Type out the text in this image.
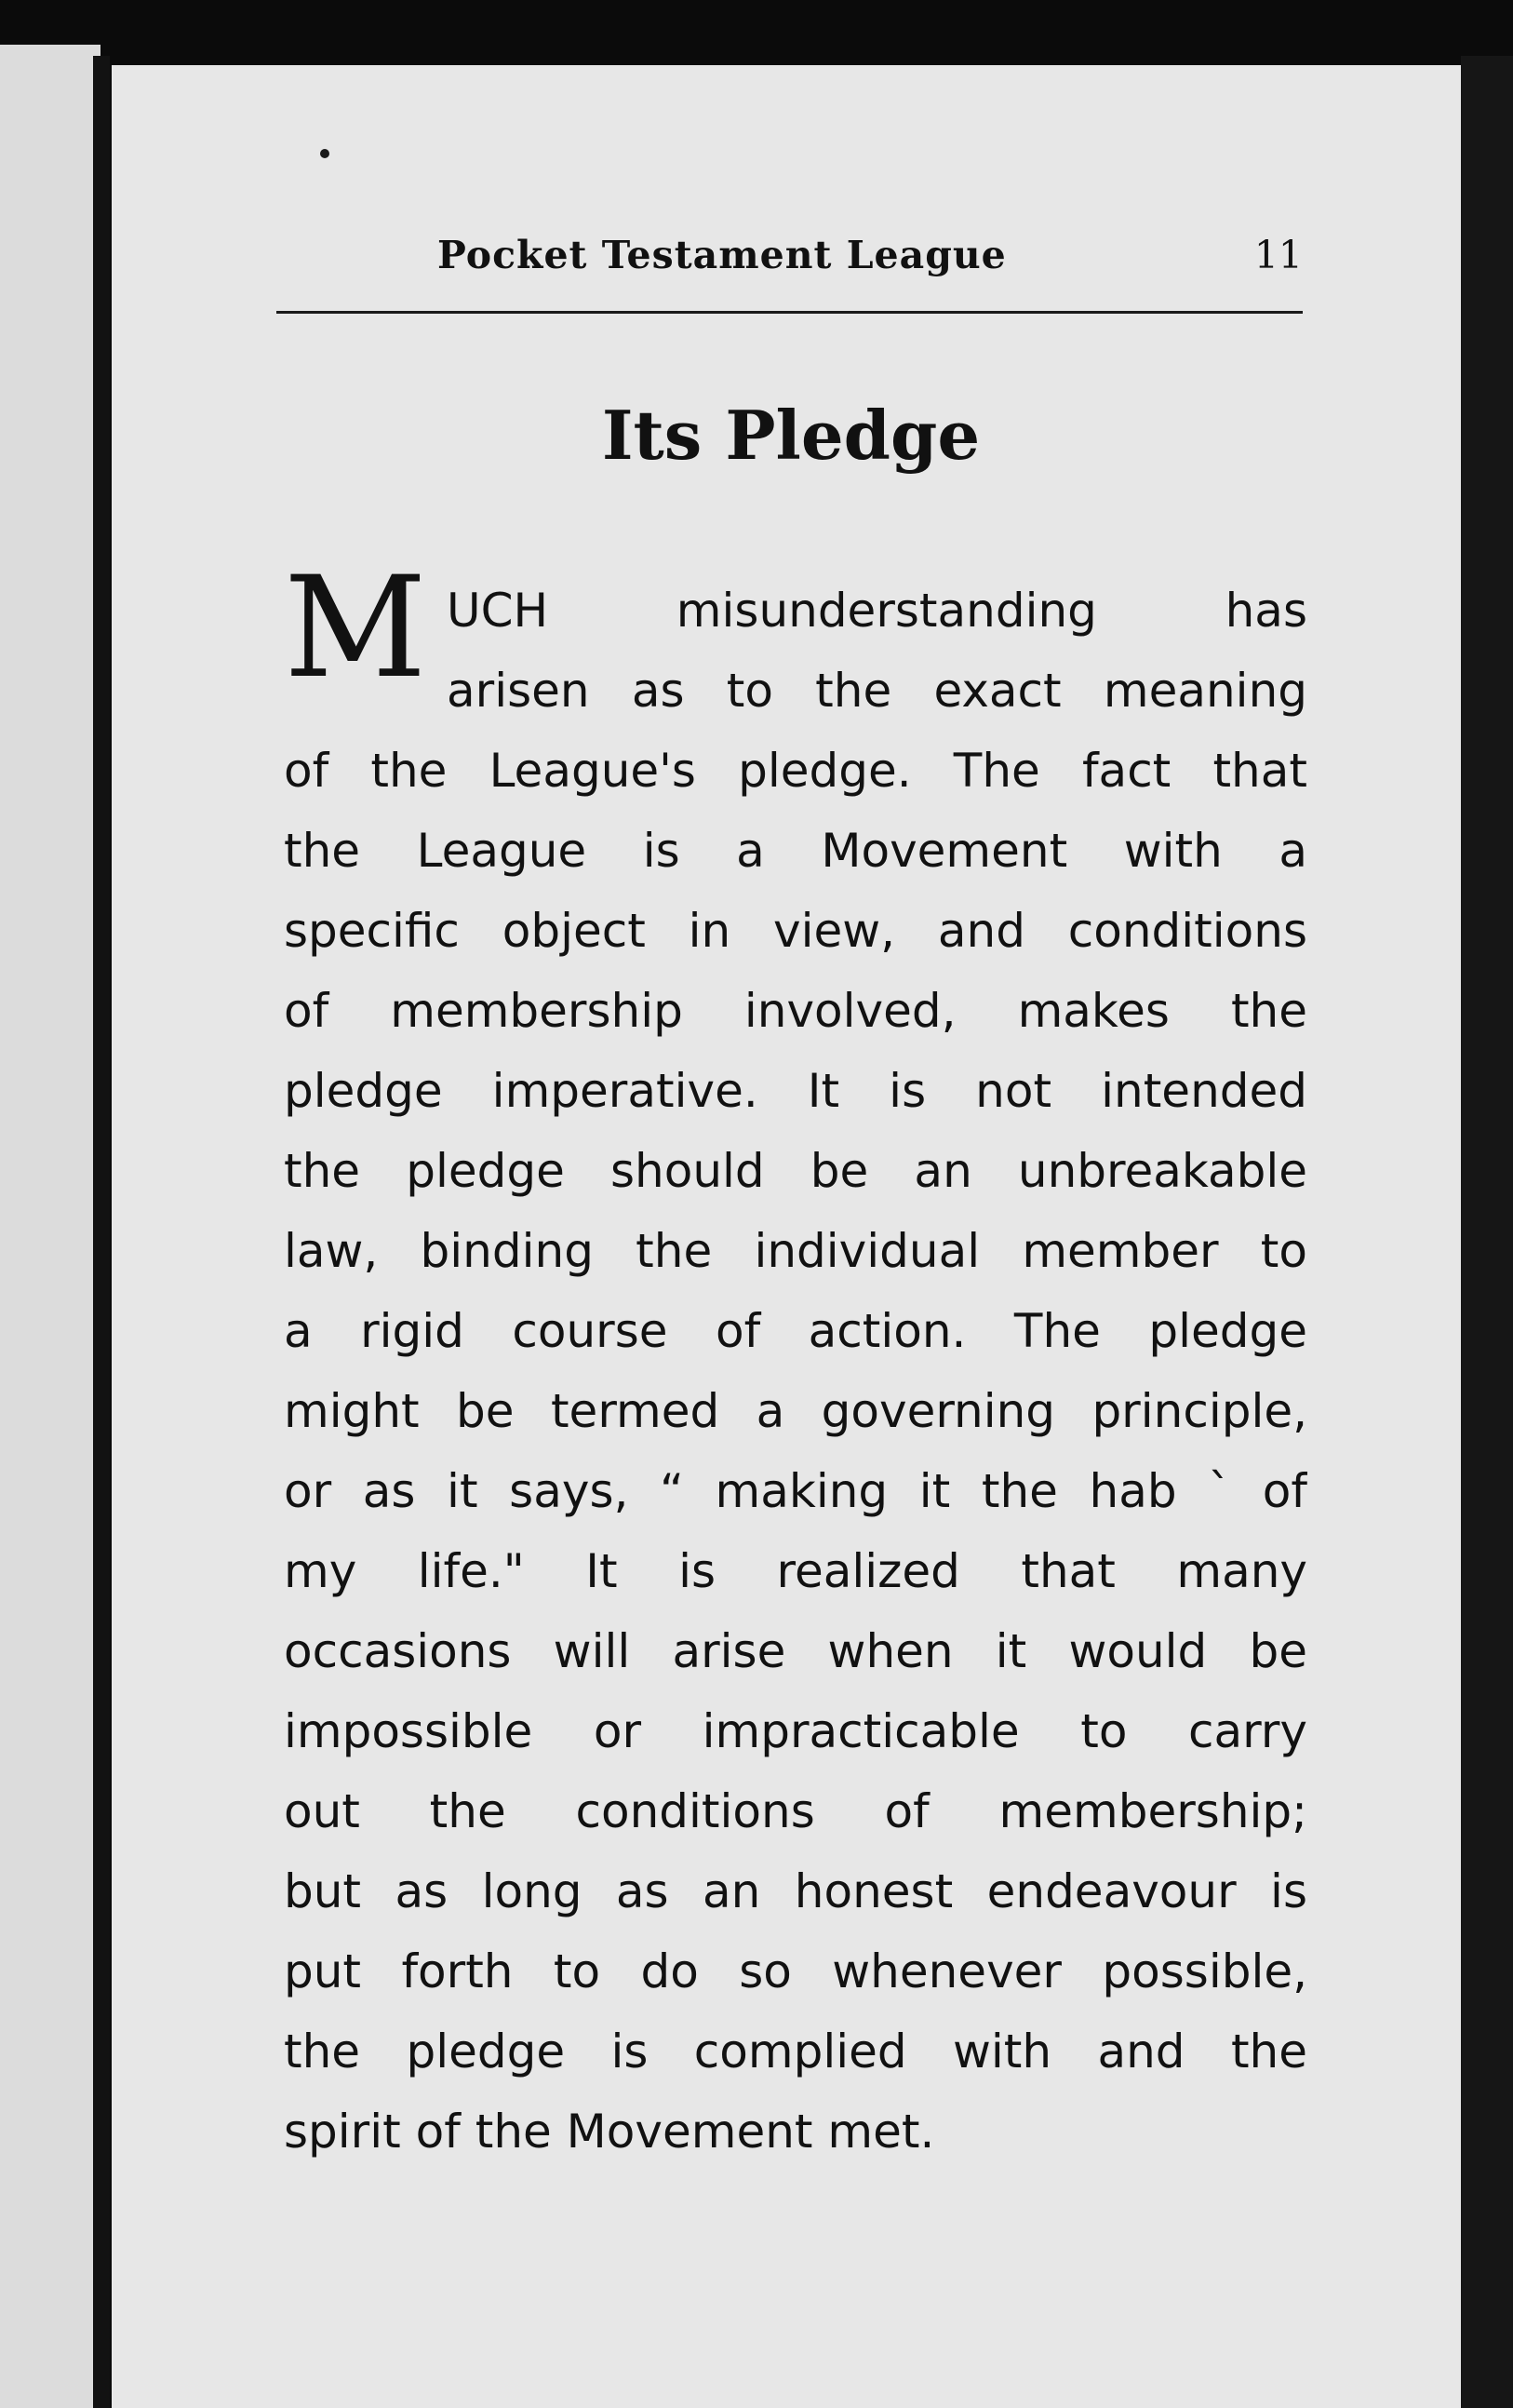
Pocket Testament League	11
Its Pledge
M UCH misunderstanding has
arisen as to the exact meaning
of the League's pledge. The fact that
the League is a Movement with a
specific object in view, and conditions
of membership involved, makes the
pledge imperative. It is not intended
the pledge should be an unbreakable
law, binding the individual member to
a rigid course of action. The pledge
might be termed a governing principle,
or as it says, “ making it the hab ` of
my life." It is realized that many
occasions will arise when it would be
impossible or impracticable to carry
out the conditions of membership;
but as long as an honest endeavour is
put forth to do so whenever possible,
the pledge is complied with and the
spirit of the Movement met.
